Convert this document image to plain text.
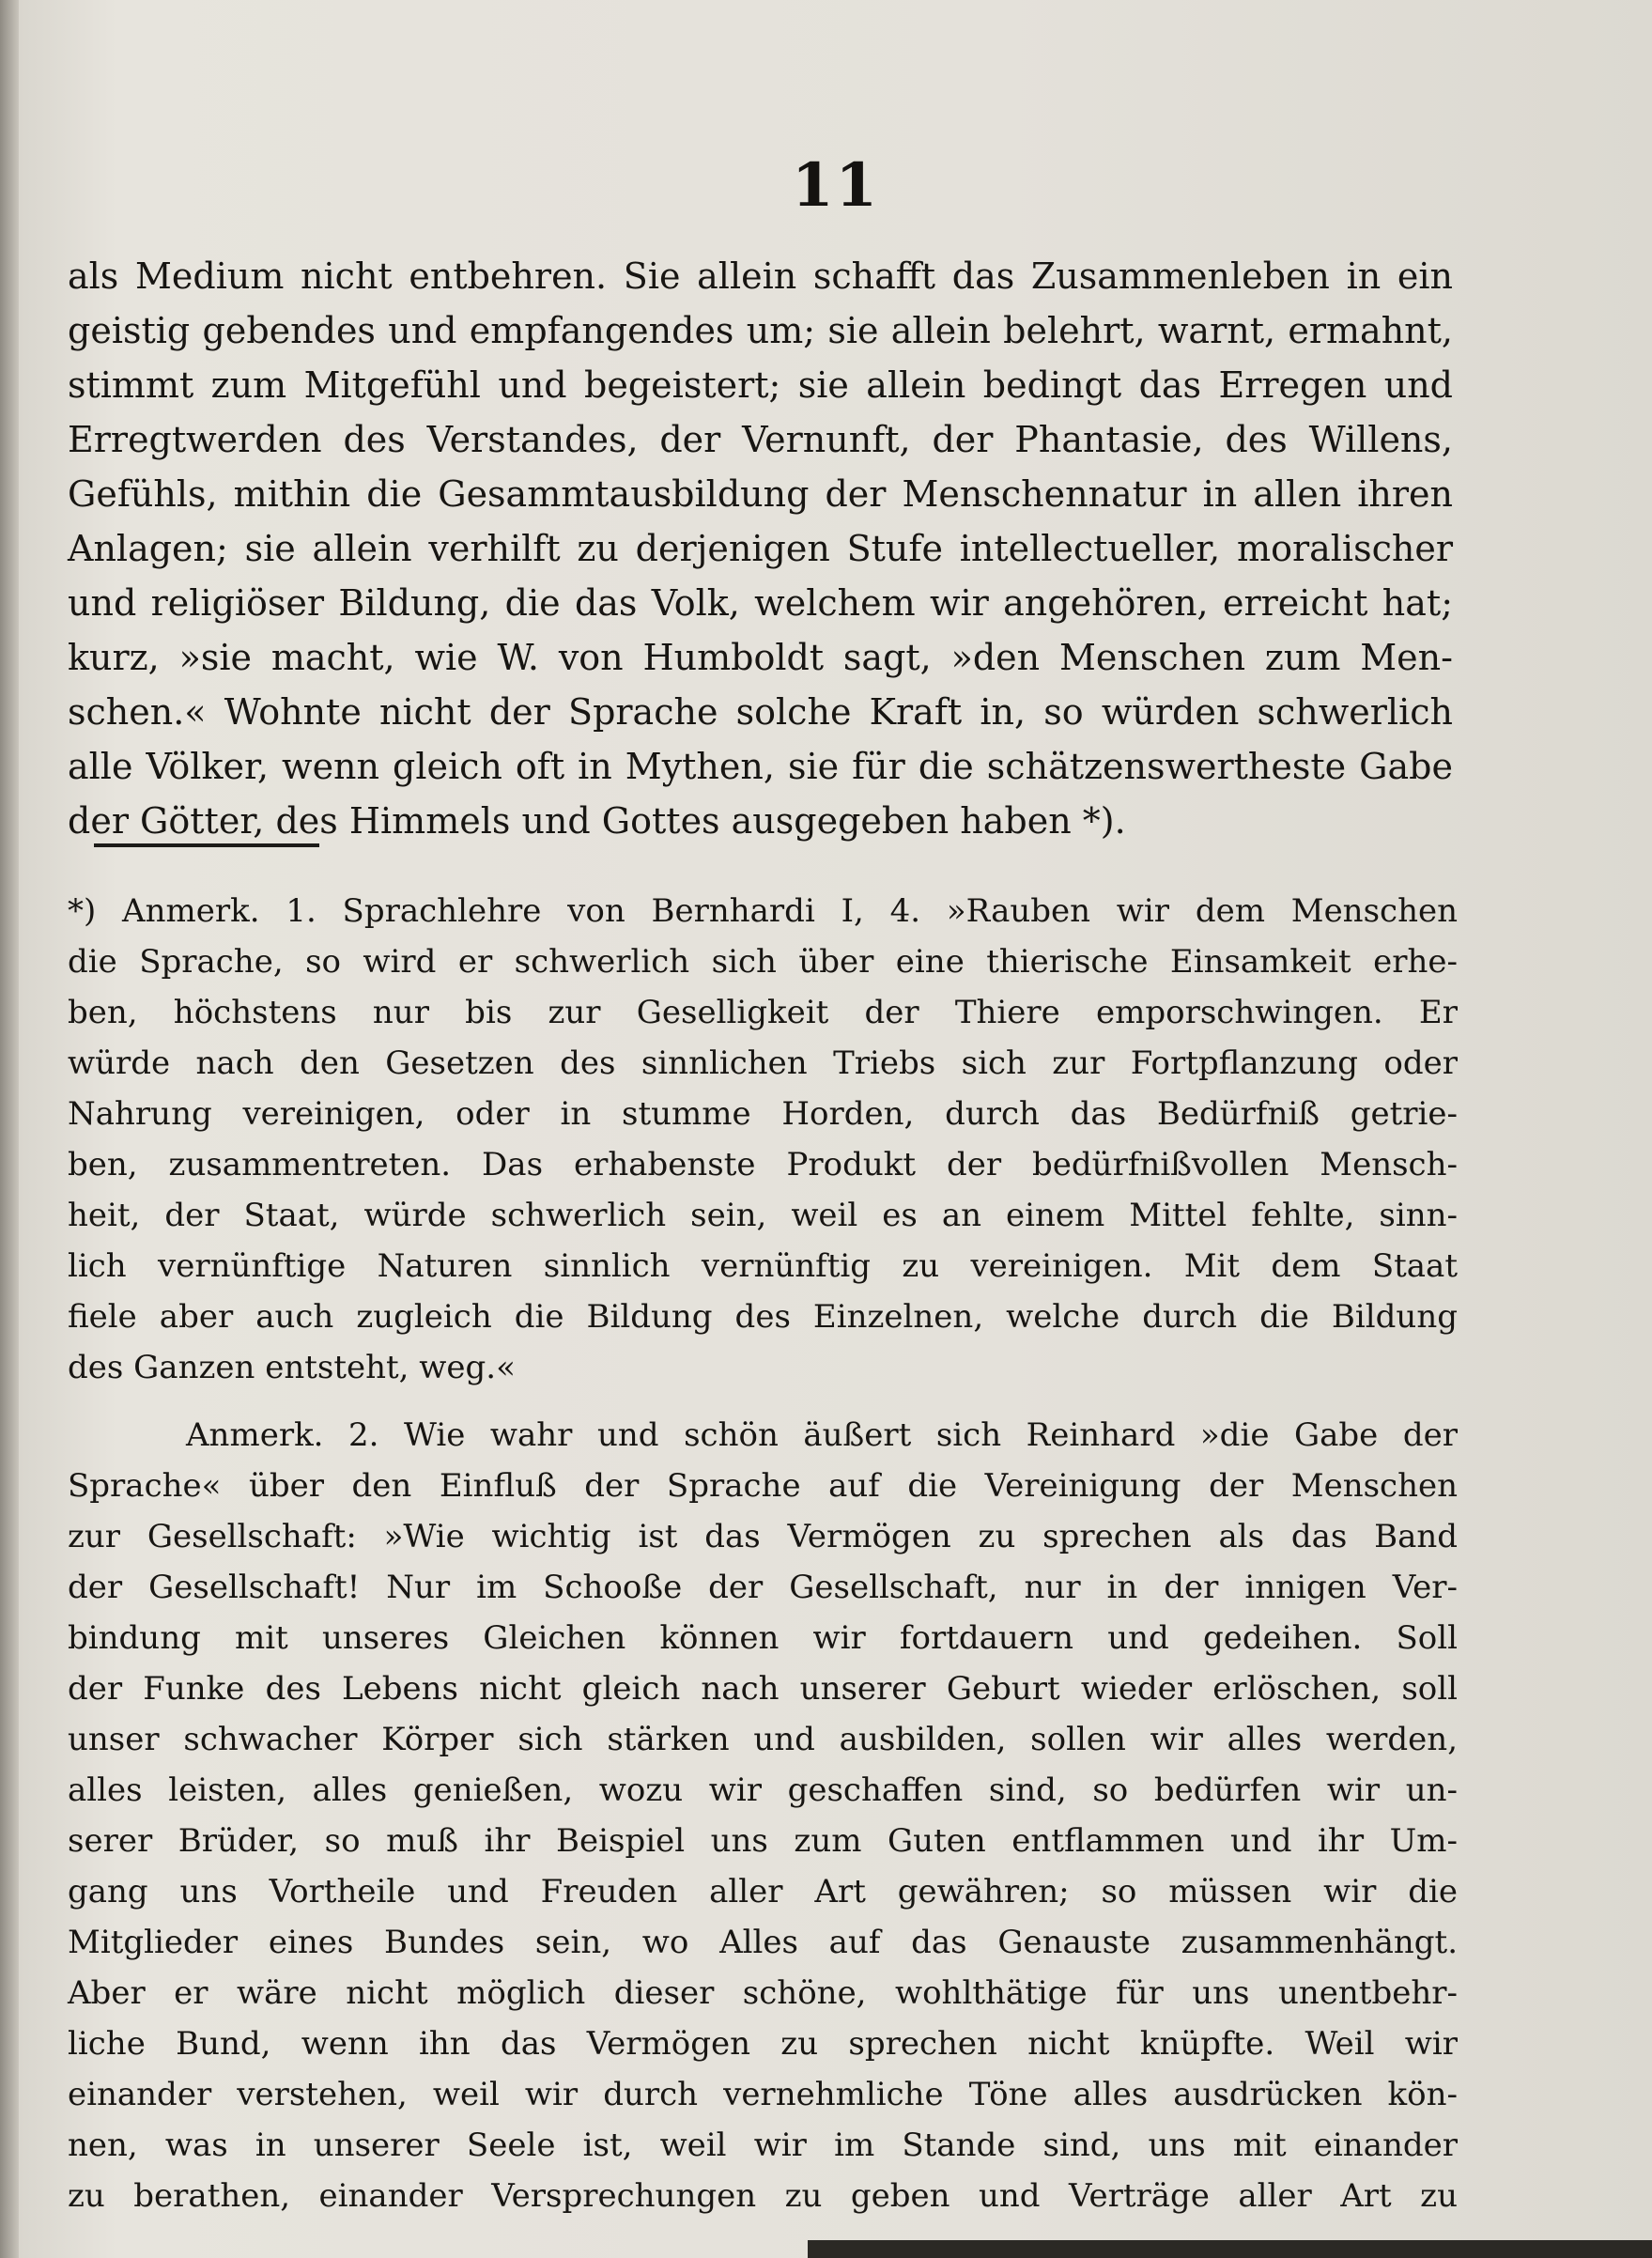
11
als Medium nicht entbehren. Sie allein schafft das Zusammenleben in ein
geistig gebendes und empfangendes um; sie allein belehrt, warnt, ermahnt,
stimmt zum Mitgefühl und begeistert; sie allein bedingt das Erregen und
Erregtwerden des Verstandes, der Vernunft, der Phantasie, des Willens,
Gefühls, mithin die Gesammtausbildung der Menschennatur in allen ihren
Anlagen; sie allein verhilft zu derjenigen Stufe intellectueller, moralischer
und religiöser Bildung, die das Volk, welchem wir angehören, erreicht hat;
kurz, »sie macht, wie W. von Humboldt sagt, »den Menschen zum Men-
schen.« Wohnte nicht der Sprache solche Kraft in, so würden schwerlich
alle Völker, wenn gleich oft in Mythen, sie für die schätzenswertheste Gabe
der Götter, des Himmels und Gottes ausgegeben haben *).
*) Anmerk. 1. Sprachlehre von Bernhardi I, 4. »Rauben wir dem Menschen
die Sprache, so wird er schwerlich sich über eine thierische Einsamkeit erhe-
ben, höchstens nur bis zur Geselligkeit der Thiere emporschwingen. Er
würde nach den Gesetzen des sinnlichen Triebs sich zur Fortpflanzung oder
Nahrung vereinigen, oder in stumme Horden, durch das Bedürfniß getrie-
ben, zusammentreten. Das erhabenste Produkt der bedürfnißvollen Mensch-
heit, der Staat, würde schwerlich sein, weil es an einem Mittel fehlte, sinn-
lich vernünftige Naturen sinnlich vernünftig zu vereinigen. Mit dem Staat
fiele aber auch zugleich die Bildung des Einzelnen, welche durch die Bildung
des Ganzen entsteht, weg.«
Anmerk. 2. Wie wahr und schön äußert sich Reinhard »die Gabe der
Sprache« über den Einfluß der Sprache auf die Vereinigung der Menschen
zur Gesellschaft: »Wie wichtig ist das Vermögen zu sprechen als das Band
der Gesellschaft! Nur im Schooße der Gesellschaft, nur in der innigen Ver-
bindung mit unseres Gleichen können wir fortdauern und gedeihen. Soll
der Funke des Lebens nicht gleich nach unserer Geburt wieder erlöschen, soll
unser schwacher Körper sich stärken und ausbilden, sollen wir alles werden,
alles leisten, alles genießen, wozu wir geschaffen sind, so bedürfen wir un-
serer Brüder, so muß ihr Beispiel uns zum Guten entflammen und ihr Um-
gang uns Vortheile und Freuden aller Art gewähren; so müssen wir die
Mitglieder eines Bundes sein, wo Alles auf das Genauste zusammenhängt.
Aber er wäre nicht möglich dieser schöne, wohlthätige für uns unentbehr-
liche Bund, wenn ihn das Vermögen zu sprechen nicht knüpfte. Weil wir
einander verstehen, weil wir durch vernehmliche Töne alles ausdrücken kön-
nen, was in unserer Seele ist, weil wir im Stande sind, uns mit einander
zu berathen, einander Versprechungen zu geben und Verträge aller Art zu
